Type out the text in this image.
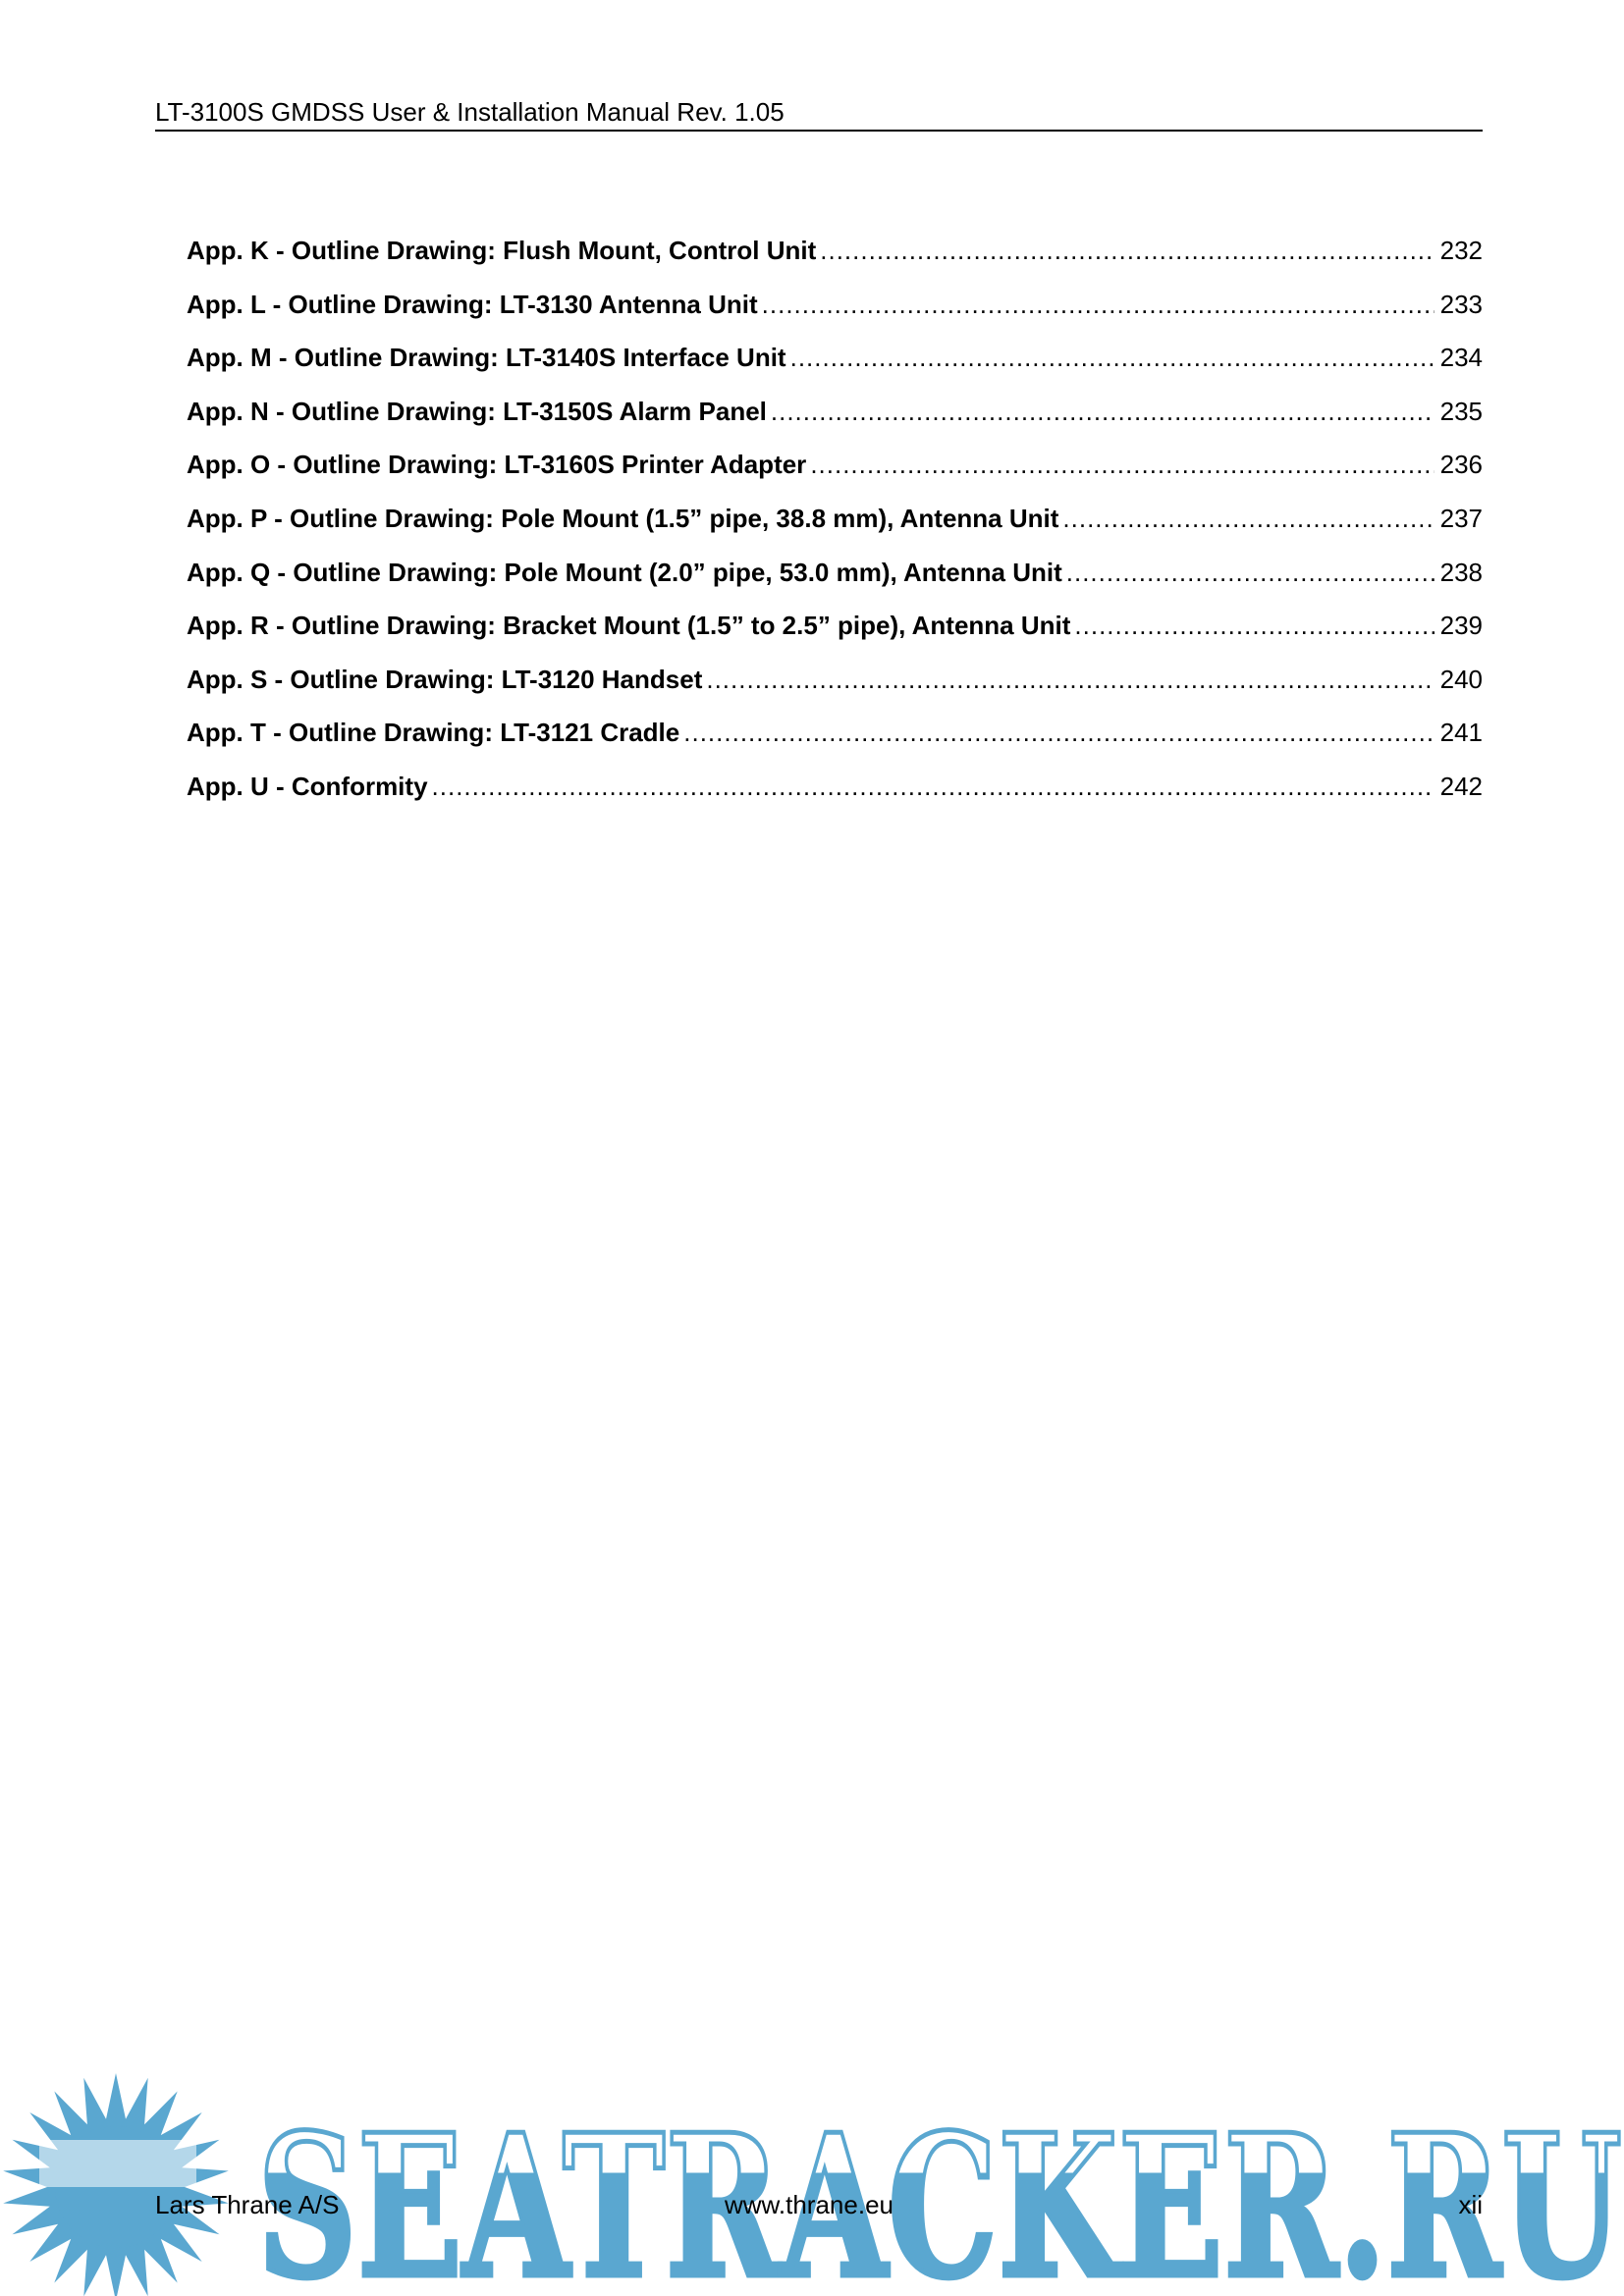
LT-3100S GMDSS User & Installation Manual Rev. 1.05
App. K - Outline Drawing: Flush Mount, Control Unit .....	232
App. L - Outline Drawing: LT-3130 Antenna Unit .....	233
App. M - Outline Drawing: LT-3140S Interface Unit .....	234
App. N - Outline Drawing: LT-3150S Alarm Panel .....	235
App. O - Outline Drawing: LT-3160S Printer Adapter .....	236
App. P - Outline Drawing: Pole Mount (1.5” pipe, 38.8 mm), Antenna Unit .....	237
App. Q - Outline Drawing: Pole Mount (2.0” pipe, 53.0 mm), Antenna Unit .....	238
App. R - Outline Drawing: Bracket Mount (1.5” to 2.5” pipe), Antenna Unit .....	239
App. S - Outline Drawing: LT-3120 Handset .....	240
App. T - Outline Drawing: LT-3121 Cradle .....	241
App. U - Conformity .....	242
SEATRACKER.RU
Lars Thrane A/S	www.thrane.eu	xii
